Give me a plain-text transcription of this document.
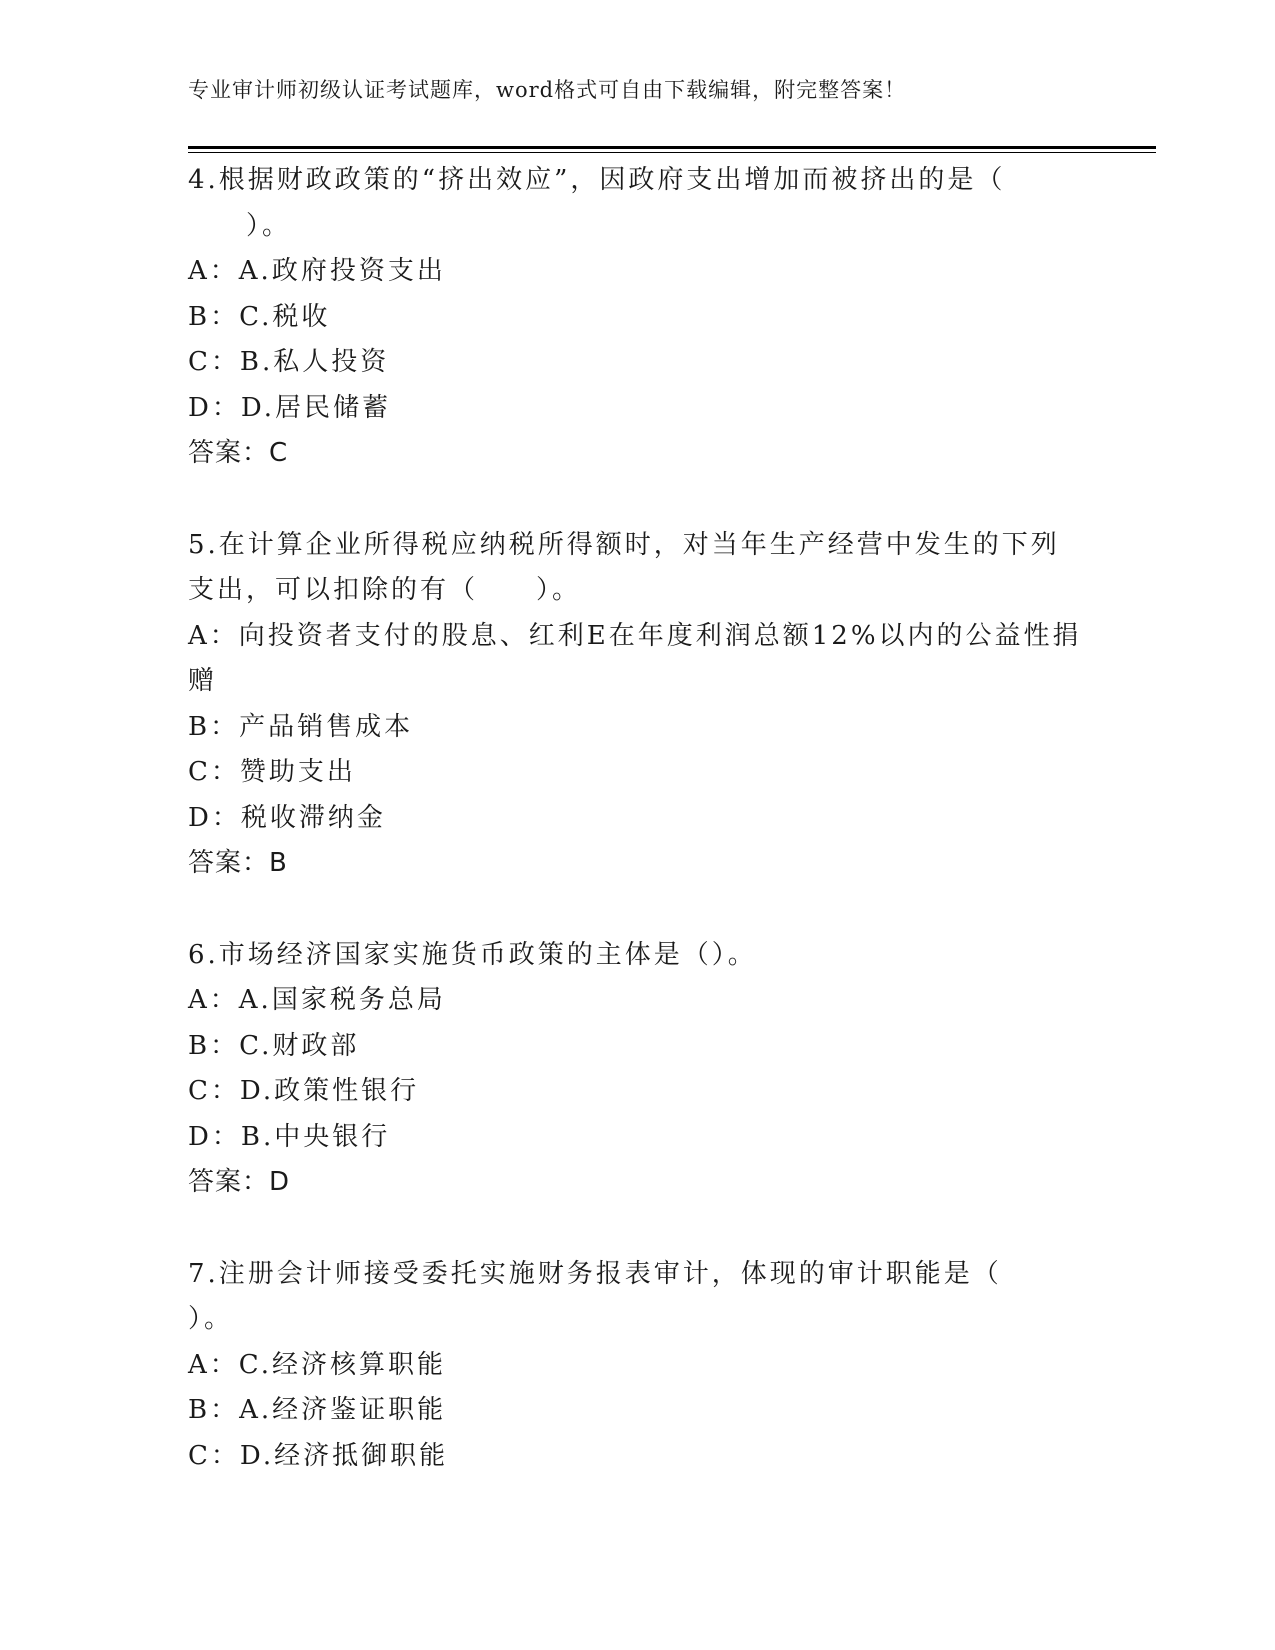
专业审计师初级认证考试题库，word格式可自由下载编辑，附完整答案！
4.根据财政政策的“挤出效应”，因政府支出增加而被挤出的是（
　　）。
A：A.政府投资支出
B：C.税收
C：B.私人投资
D：D.居民储蓄
答案：C
5.在计算企业所得税应纳税所得额时，对当年生产经营中发生的下列
支出，可以扣除的有（　　）。
A：向投资者支付的股息、红利E在年度利润总额12%以内的公益性捐
赠
B：产品销售成本
C：赞助支出
D：税收滞纳金
答案：B
6.市场经济国家实施货币政策的主体是（）。
A：A.国家税务总局
B：C.财政部
C：D.政策性银行
D：B.中央银行
答案：D
7.注册会计师接受委托实施财务报表审计，体现的审计职能是（
）。
A：C.经济核算职能
B：A.经济鉴证职能
C：D.经济抵御职能
